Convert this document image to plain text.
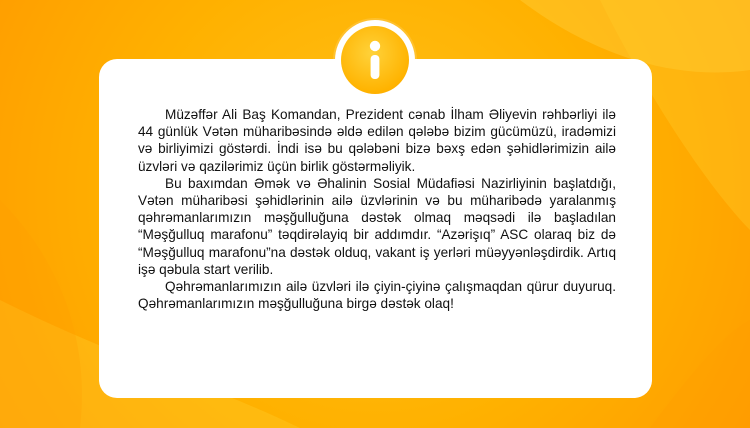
Müzəffər Ali Baş Komandan, Prezident cənab İlham Əliyevin rəhbərliyi ilə 44 günlük Vətən müharibəsində əldə edilən qələbə bizim gücümüzü, iradəmizi və birliyimizi göstərdi. İndi isə bu qələbəni bizə bəxş edən şəhidlərimizin ailə üzvləri və qazilərimiz üçün birlik göstərməliyik.

Bu baxımdan Əmək və Əhalinin Sosial Müdafiəsi Nazirliyinin başlatdığı, Vətən müharibəsi şəhidlərinin ailə üzvlərinin və bu müharibədə yaralanmış qəhrəmanlarımızın məşğulluğuna dəstək olmaq məqsədi ilə başladılan “Məşğulluq marafonu” təqdirəlayiq bir addımdır. “Azərişıq” ASC olaraq biz də “Məşğulluq marafonu”na dəstək olduq, vakant iş yerləri müəyyənləşdirdik. Artıq işə qəbula start verilib.

Qəhrəmanlarımızın ailə üzvləri ilə çiyin-çiyinə çalışmaqdan qürur duyuruq. Qəhrəmanlarımızın məşğulluğuna birgə dəstək olaq!
